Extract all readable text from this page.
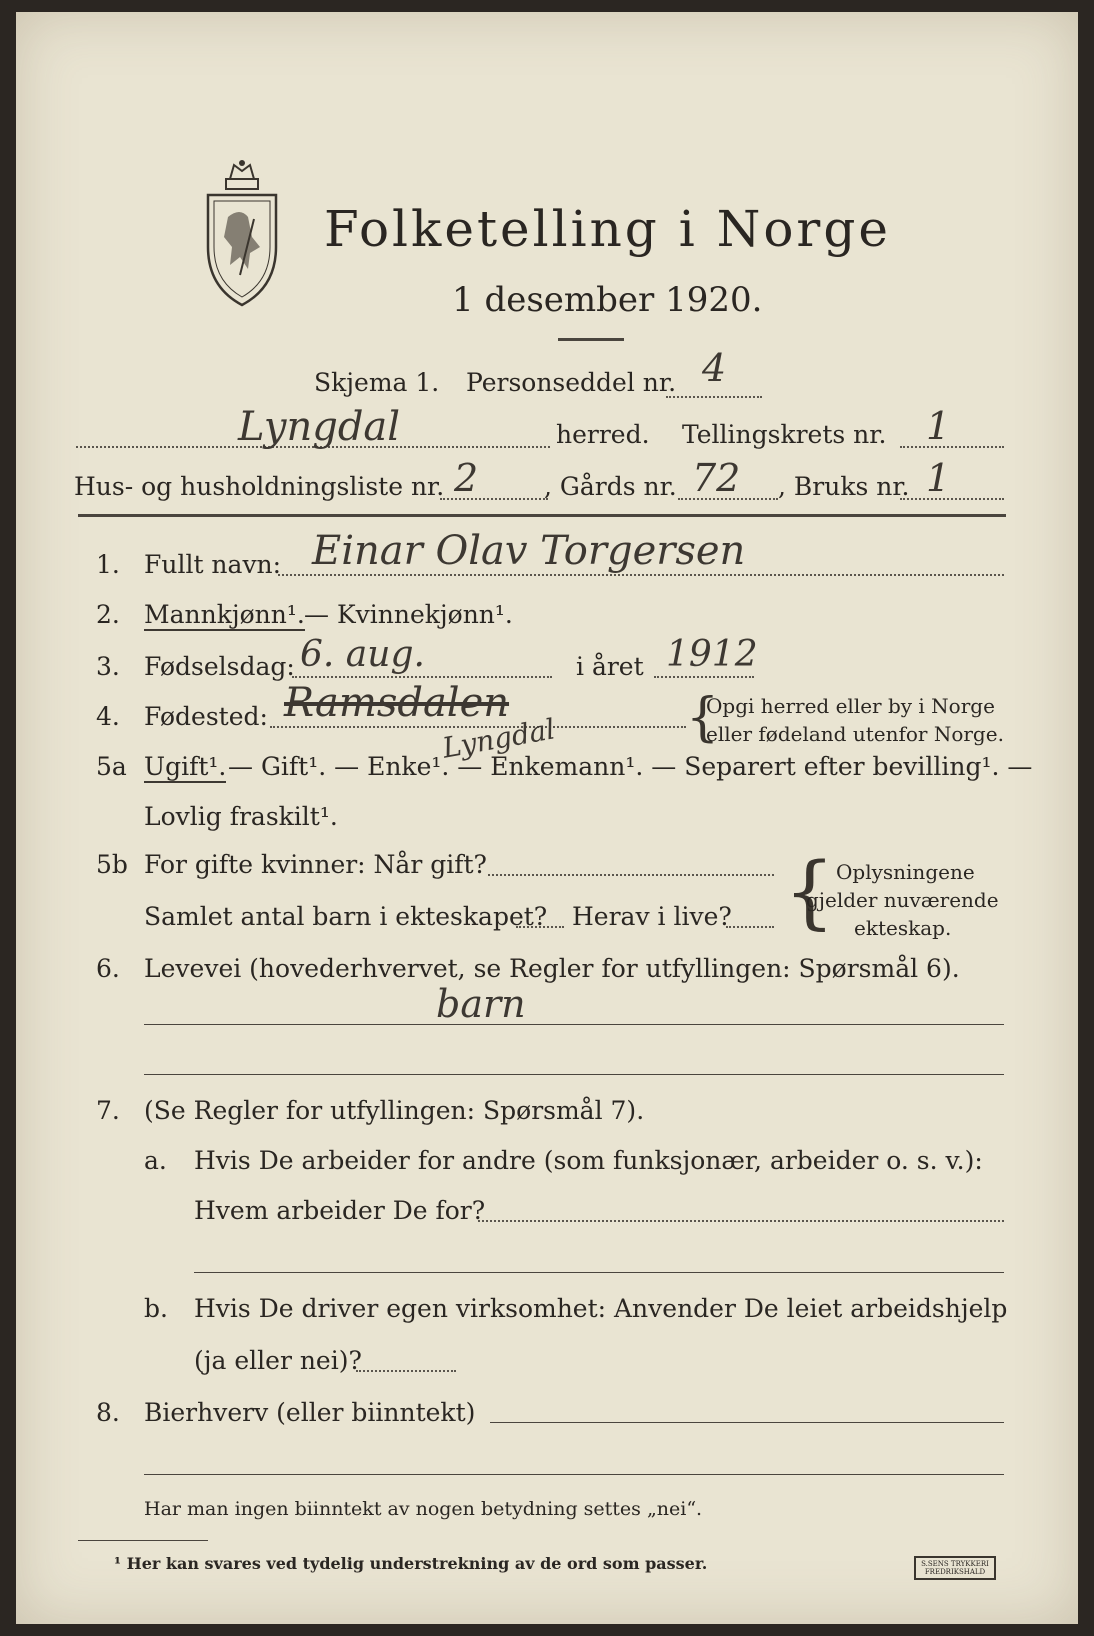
Folketelling i Norge
1 desember 1920.
Skjema 1. Personseddel nr. 4
Lyngdal	herred. Tellingskrets nr. 1
Hus- og husholdningsliste nr. 2	, Gårds nr. 72 , Bruks nr. 1
1. Fullt navn: Einar Olav Torgersen
2. Mannkjønn¹. — Kvinnekjønn¹.
3. Fødselsdag: 6. aug.	i året 1912
4. Fødested: Ramsdalen	{
Opgi herred eller by i Norge
eller fødeland utenfor Norge.
Lyngdal
5a Ugift¹. — Gift¹. — Enke¹. — Enkemann¹. — Separert efter bevilling¹. —
Lovlig fraskilt¹.
5b For gifte kvinner: Når gift?
Samlet antal barn i ekteskapet? Herav i live? { Oplysningene
gjelder nuværende
ekteskap.
6. Levevei (hovederhvervet, se Regler for utfyllingen: Spørsmål 6).
barn
7. (Se Regler for utfyllingen: Spørsmål 7).
a. Hvis De arbeider for andre (som funksjonær, arbeider o. s. v.):
Hvem arbeider De for?
b. Hvis De driver egen virksomhet: Anvender De leiet arbeidshjelp
(ja eller nei)?
8. Bierhverv (eller biinntekt)
Har man ingen biinntekt av nogen betydning settes „nei“.
¹ Her kan svares ved tydelig understrekning av de ord som passer.	S.SENS TRYKKERI FREDRIKSHALD
